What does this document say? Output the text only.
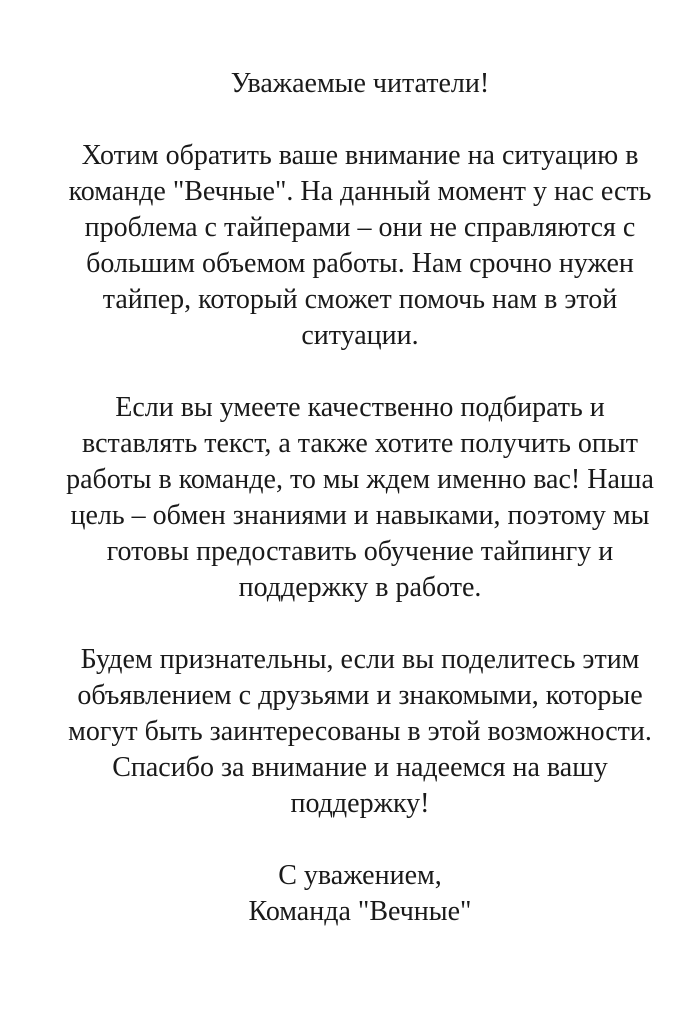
Уважаемые читатели!
Хотим обратить ваше внимание на ситуацию в
команде "Вечные". На данный момент у нас есть
проблема с тайперами – они не справляются с
большим объемом работы. Нам срочно нужен
тайпер, который сможет помочь нам в этой
ситуации.
Если вы умеете качественно подбирать и
вставлять текст, а также хотите получить опыт
работы в команде, то мы ждем именно вас! Наша
цель – обмен знаниями и навыками, поэтому мы
готовы предоставить обучение тайпингу и
поддержку в работе.
Будем признательны, если вы поделитесь этим
объявлением с друзьями и знакомыми, которые
могут быть заинтересованы в этой возможности.
Спасибо за внимание и надеемся на вашу
поддержку!
С уважением,
Команда "Вечные"
